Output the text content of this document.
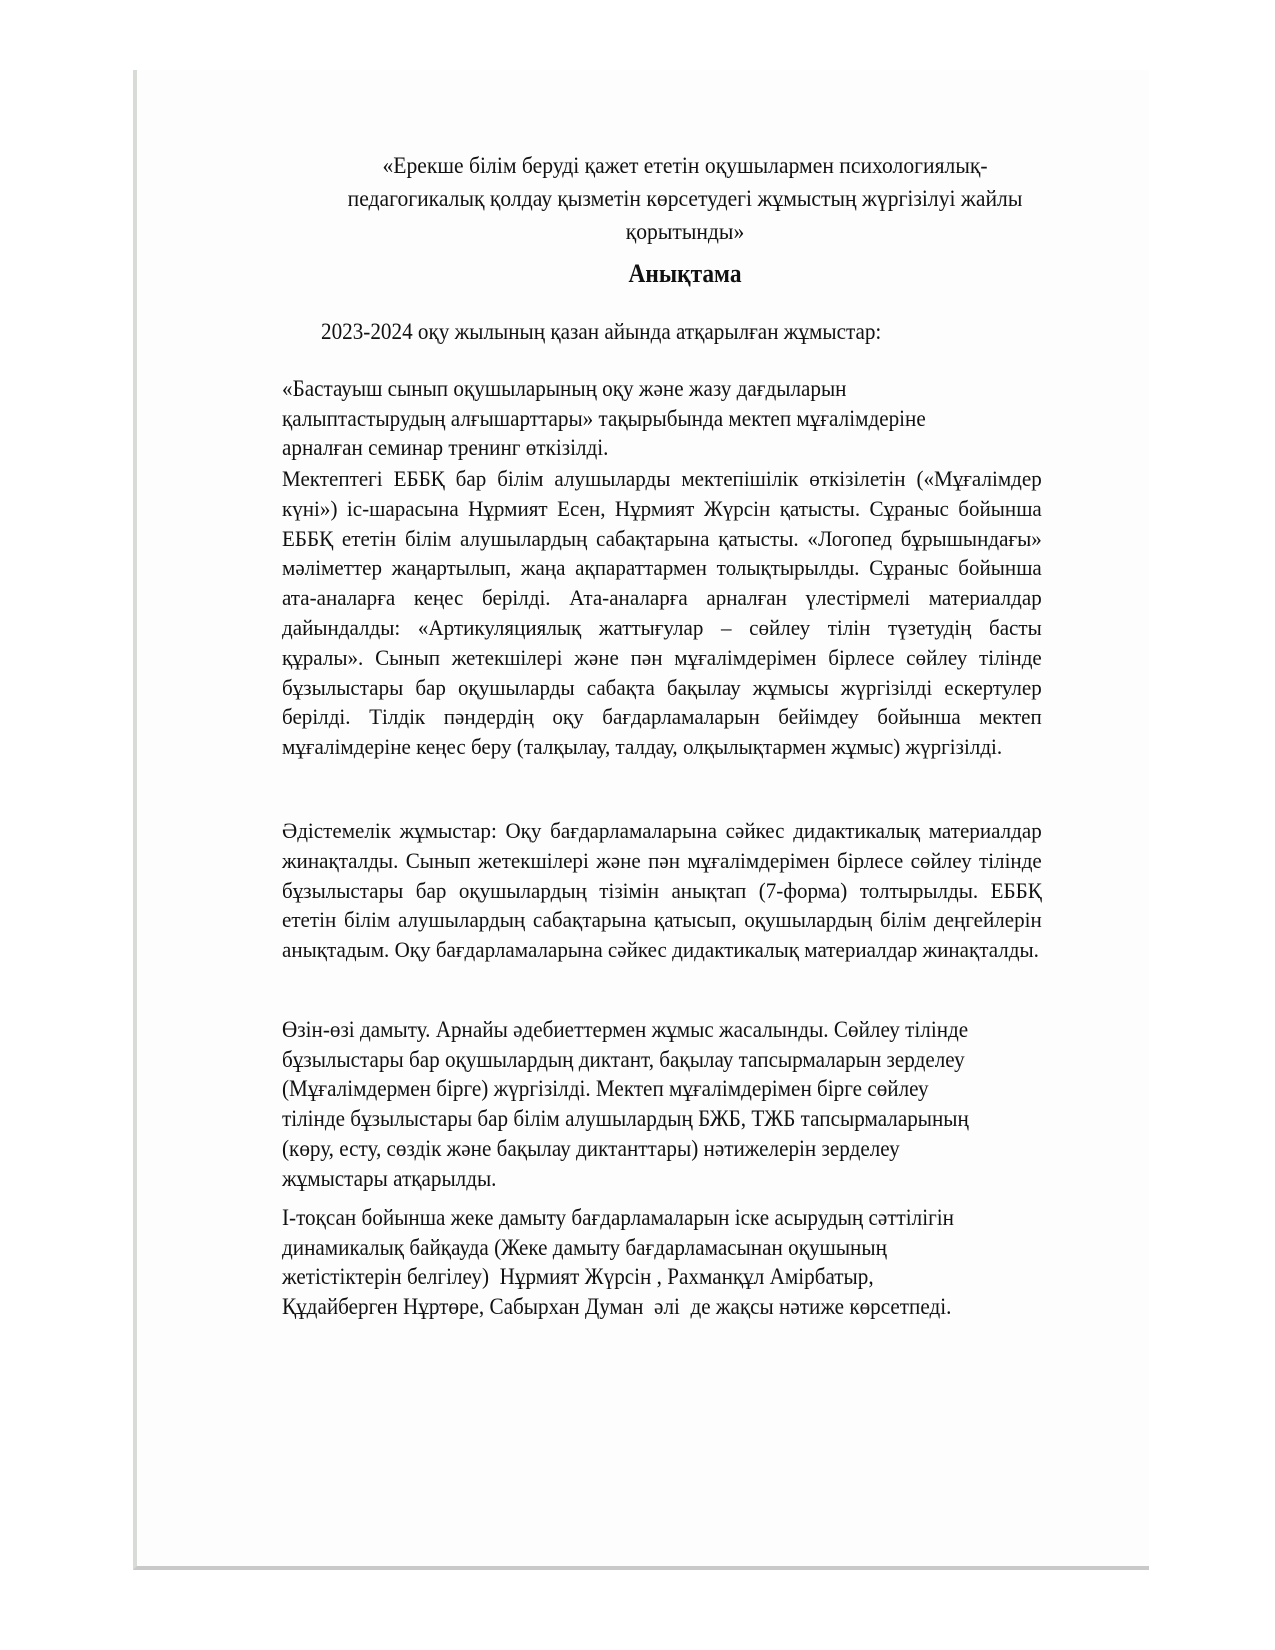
«Ерекше білім беруді қажет ететін оқушылармен психологиялық-
педагогикалық қолдау қызметін көрсетудегі жұмыстың жүргізілуі жайлы
қорытынды»
Анықтама

2023-2024 оқу жылының қазан айында атқарылған жұмыстар:

«Бастауыш сынып оқушыларының оқу және жазу дағдыларын
қалыптастырудың алғышарттары» тақырыбында мектеп мұғалімдеріне
арналған семинар тренинг өткізілді.

Мектептегі ЕББҚ бар білім алушыларды мектепішілік өткізілетін («Мұғалімдер күні») іс-шарасына Нұрмият Есен, Нұрмият Жүрсін қатысты. Сұраныс бойынша ЕББҚ ететін білім алушылардың сабақтарына қатысты. «Логопед бұрышындағы» мәліметтер жаңартылып, жаңа ақпараттармен толықтырылды. Сұраныс бойынша ата-аналарға кеңес берілді. Ата-аналарға арналған үлестірмелі материалдар дайындалды: «Артикуляциялық жаттығулар – сөйлеу тілін түзетудің басты құралы». Сынып жетекшілері және пән мұғалімдерімен бірлесе сөйлеу тілінде бұзылыстары бар оқушыларды сабақта бақылау жұмысы жүргізілді ескертулер берілді. Тілдік пәндердің оқу бағдарламаларын бейімдеу бойынша мектеп мұғалімдеріне кеңес беру (талқылау, талдау, олқылықтармен жұмыс) жүргізілді.

Әдістемелік жұмыстар: Оқу бағдарламаларына сәйкес дидактикалық материалдар жинақталды. Сынып жетекшілері және пән мұғалімдерімен бірлесе сөйлеу тілінде бұзылыстары бар оқушылардың тізімін анықтап (7-форма) толтырылды. ЕББҚ ететін білім алушылардың сабақтарына қатысып, оқушылардың білім деңгейлерін анықтадым. Оқу бағдарламаларына сәйкес дидактикалық материалдар жинақталды.

Өзін-өзі дамыту. Арнайы әдебиеттермен жұмыс жасалынды. Сөйлеу тілінде
бұзылыстары бар оқушылардың диктант, бақылау тапсырмаларын зерделеу
(Мұғалімдермен бірге) жүргізілді. Мектеп мұғалімдерімен бірге сөйлеу
тілінде бұзылыстары бар білім алушылардың БЖБ, ТЖБ тапсырмаларының
(көру, есту, сөздік және бақылау диктанттары) нәтижелерін зерделеу
жұмыстары атқарылды.
І-тоқсан бойынша жеке дамыту бағдарламаларын іске асырудың сәттілігін
динамикалық байқауда (Жеке дамыту бағдарламасынан оқушының
жетістіктерін белгілеу)  Нұрмият Жүрсін , Рахманқұл Амірбатыр,
Құдайберген Нұртөре, Сабырхан Думан  әлі  де жақсы нәтиже көрсетпеді.
